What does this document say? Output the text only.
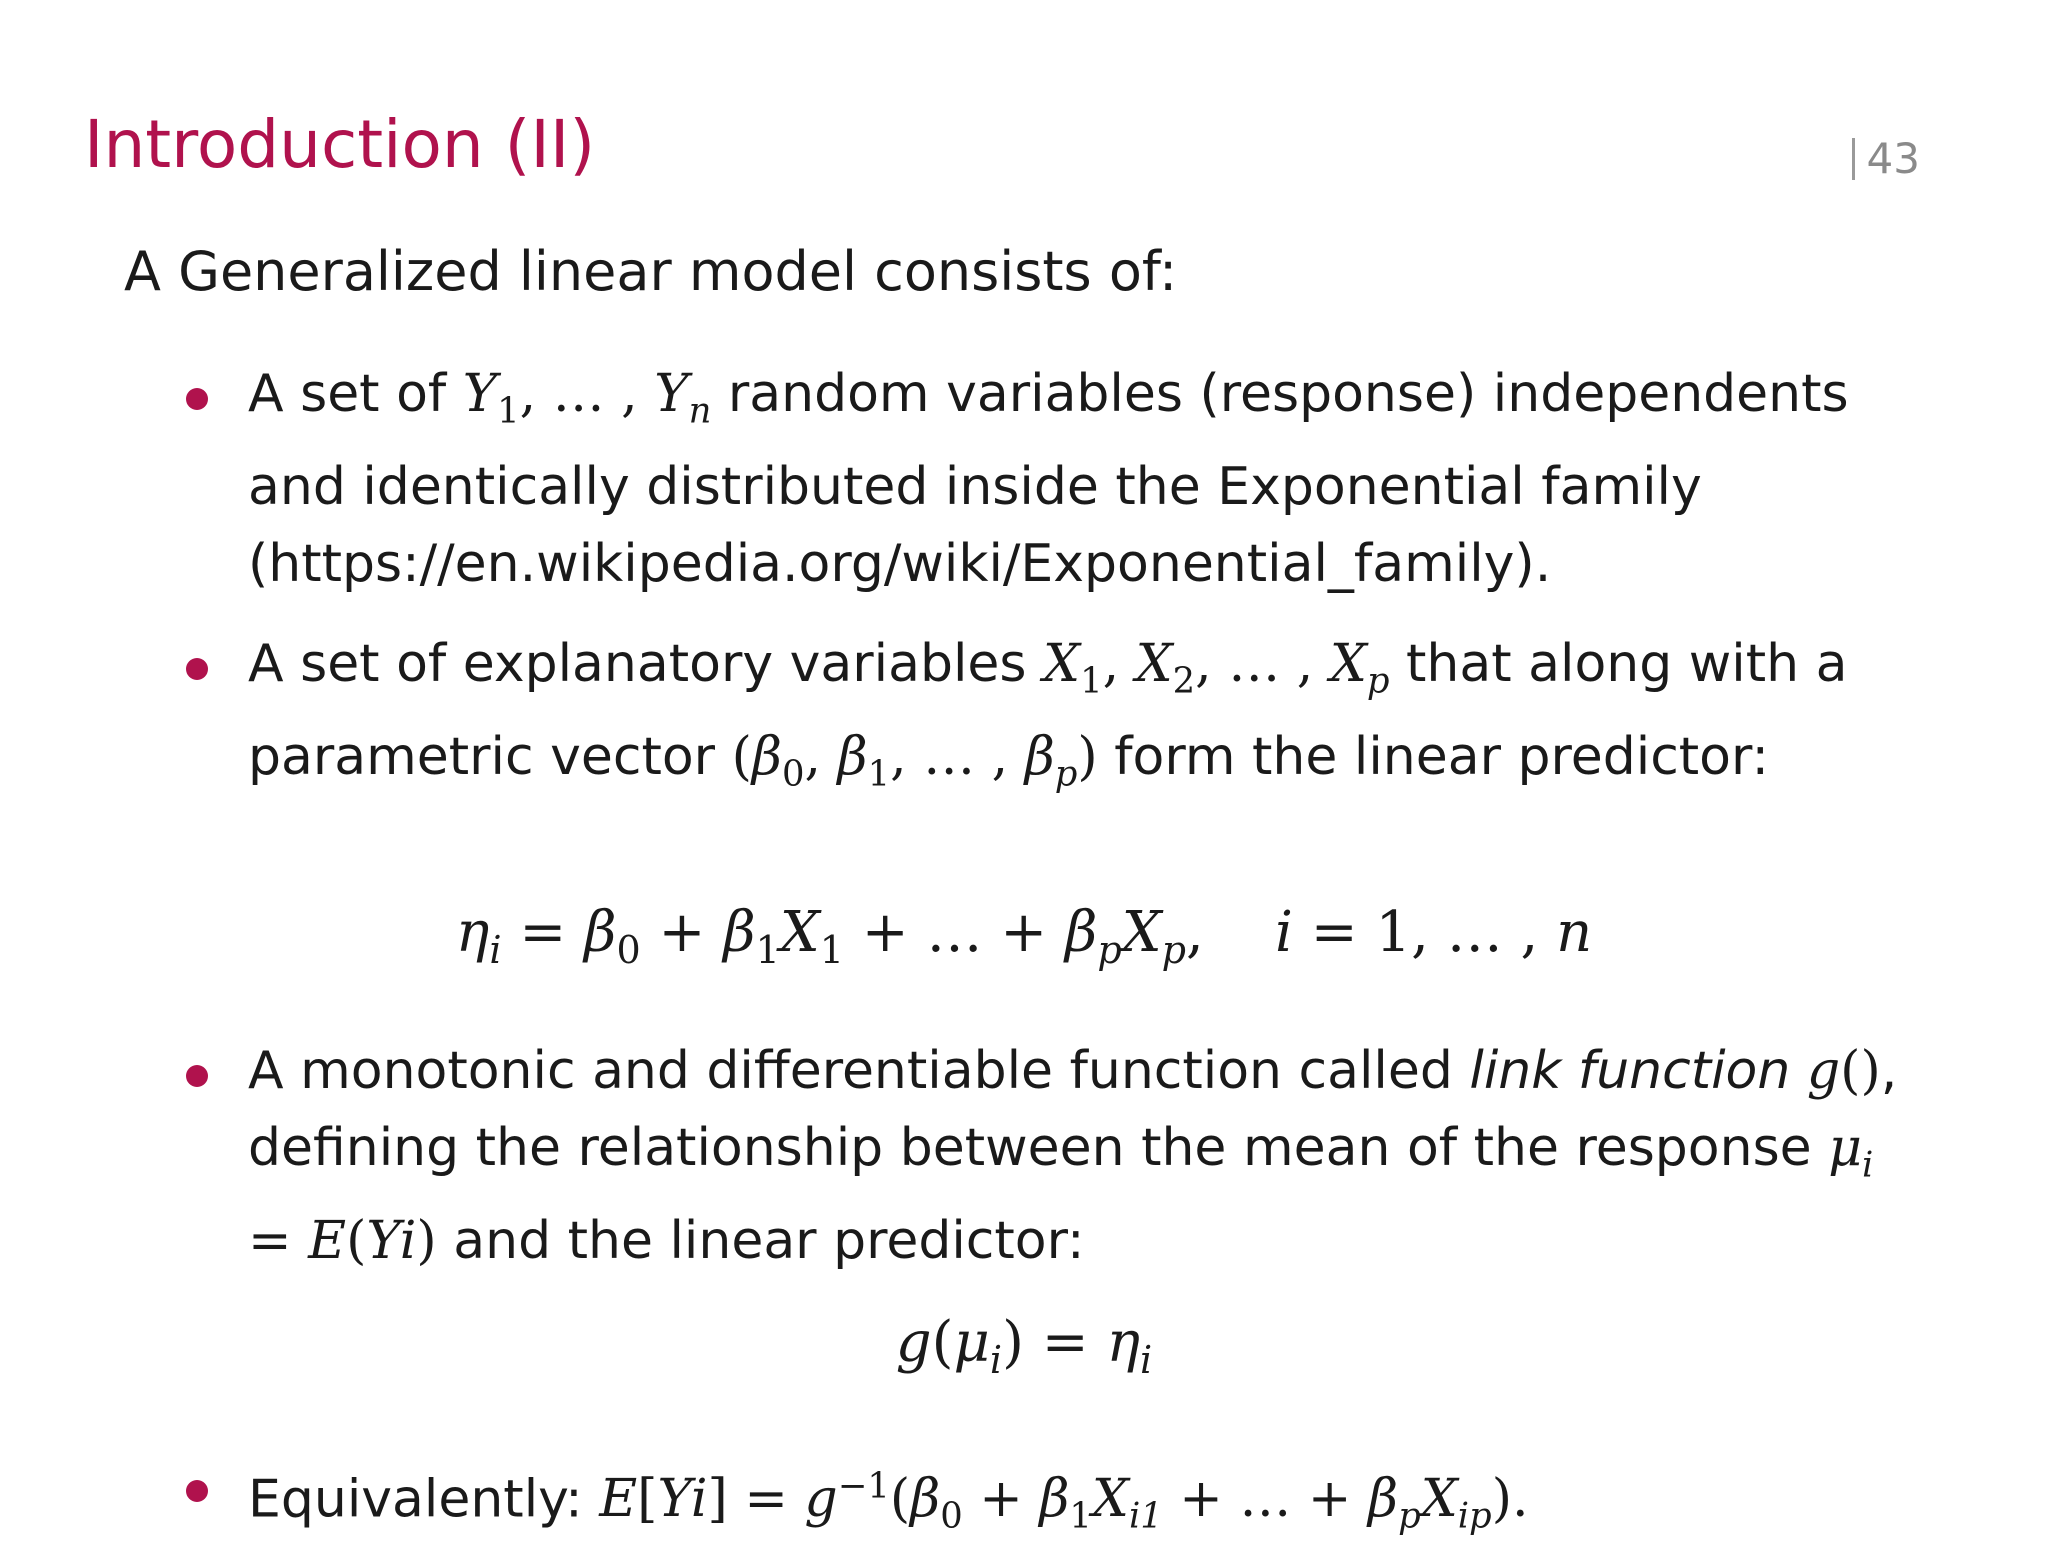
Introduction (II)	43
A Generalized linear model consists of:
A set of $Y_1$, … , $Y_n$ random variables (response) independents and identically distributed inside the Exponential family (https://en.wikipedia.org/wiki/Exponential_family).
A set of explanatory variables $X_1$, $X_2$, … , $X_p$ that along with a parametric vector ($\beta_0$, $\beta_1$, … , $\beta_p$) form the linear predictor:
$\eta_i = \beta_0 + \beta_1X_1$ + … + $\beta_pX_p$,    i = 1, … , n
A monotonic and differentiable function called link function g(), defining the relationship between the mean of the response $\mu_i = E(Yi)$ and the linear predictor:
$g(\mu_i) = \eta_i$
Equivalently: $E[Yi] = g^{-1}(\beta_0 + \beta_1X_{i1}$ + … + $\beta_pX_{ip}$).
